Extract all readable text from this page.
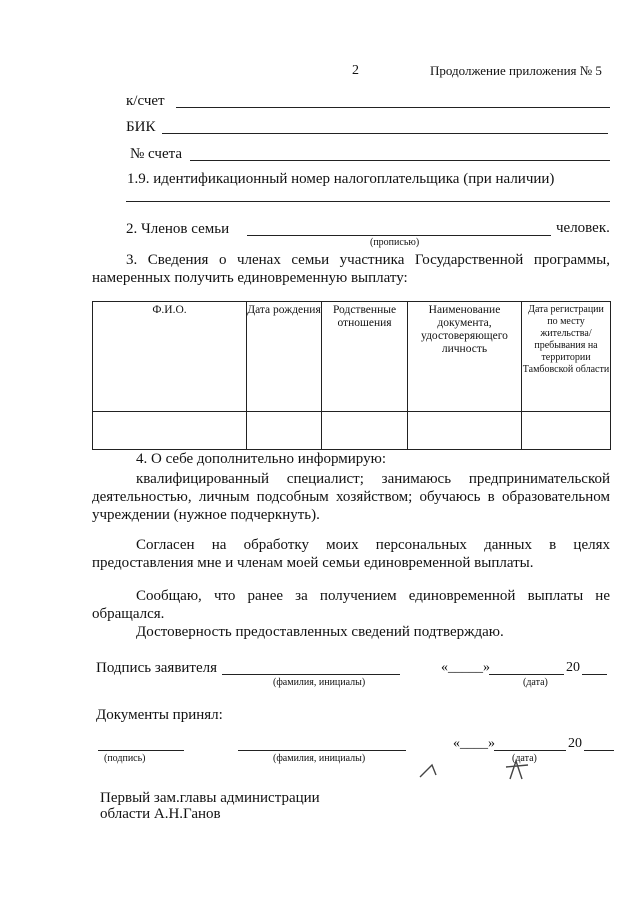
2	Продолжение приложения № 5
к/счет
БИК
№ счета
1.9. идентификационный номер налогоплательщика (при наличии)
2. Членов семьи	человек.
(прописью)
3. Сведения о членах семьи участника Государственной программы,
намеренных получить единовременную выплату:
Ф.И.О.	Дата рождения	Родственные отношения	Наименование документа, удостоверяющего личность	Дата регистрации по месту жительства/ пребывания на территории Тамбовской области

4. О себе дополнительно информирую:
квалифицированный специалист; занимаюсь предпринимательской
деятельностью, личным подсобным хозяйством; обучаюсь в образовательном
учреждении (нужное подчеркнуть).
Согласен на обработку моих персональных данных в целях
предоставления мне и членам моей семьи единовременной выплаты.
Сообщаю, что ранее за получением единовременной выплаты не
обращался.
Достоверность предоставленных сведений подтверждаю.
Подпись заявителя	«_____»	20
(фамилия, инициалы)	(дата)
Документы принял:
«____»	20
(подпись)	(фамилия, инициалы)	(дата)
Первый зам.главы администрации
области А.Н.Ганов
